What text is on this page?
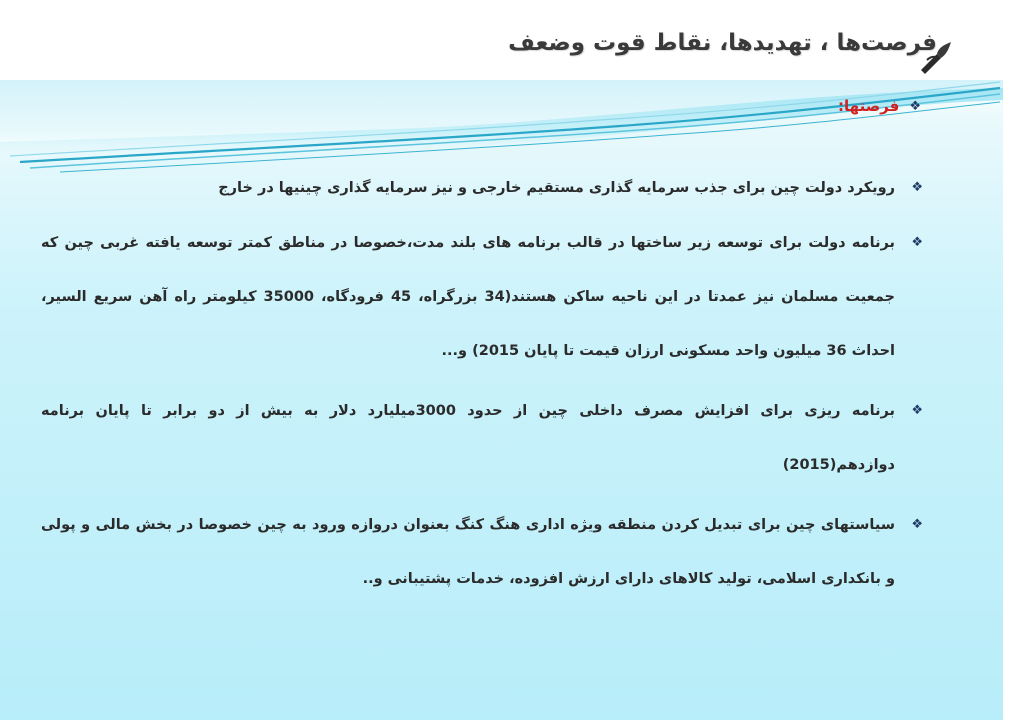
فرصت‌ها ، تهدیدها، نقاط قوت وضعف
❖
فرصتها:
❖
رویکرد دولت چین برای جذب سرمایه گذاری مستقیم خارجی و نیز سرمایه گذاری چینیها در خارج
❖
برنامه دولت برای توسعه زیر ساختها در قالب برنامه های بلند مدت،خصوصا در مناطق کمتر توسعه یافته غربی چین که جمعیت مسلمان نیز عمدتا در این ناحیه ساکن هستند(34 بزرگراه، 45 فرودگاه، 35000 کیلومتر راه آهن سریع السیر، احداث 36 میلیون واحد مسکونی ارزان قیمت تا پایان 2015) و...
❖
برنامه ریزی برای افزایش مصرف داخلی چین از حدود 3000میلیارد دلار به بیش از دو برابر تا پایان برنامه دوازدهم(2015)
❖
سیاستهای چین برای تبدیل کردن منطقه ویژه اداری هنگ کنگ بعنوان دروازه ورود به چین خصوصا در بخش مالی و پولی و بانکداری اسلامی، تولید کالاهای دارای ارزش افزوده، خدمات پشتیبانی و..
